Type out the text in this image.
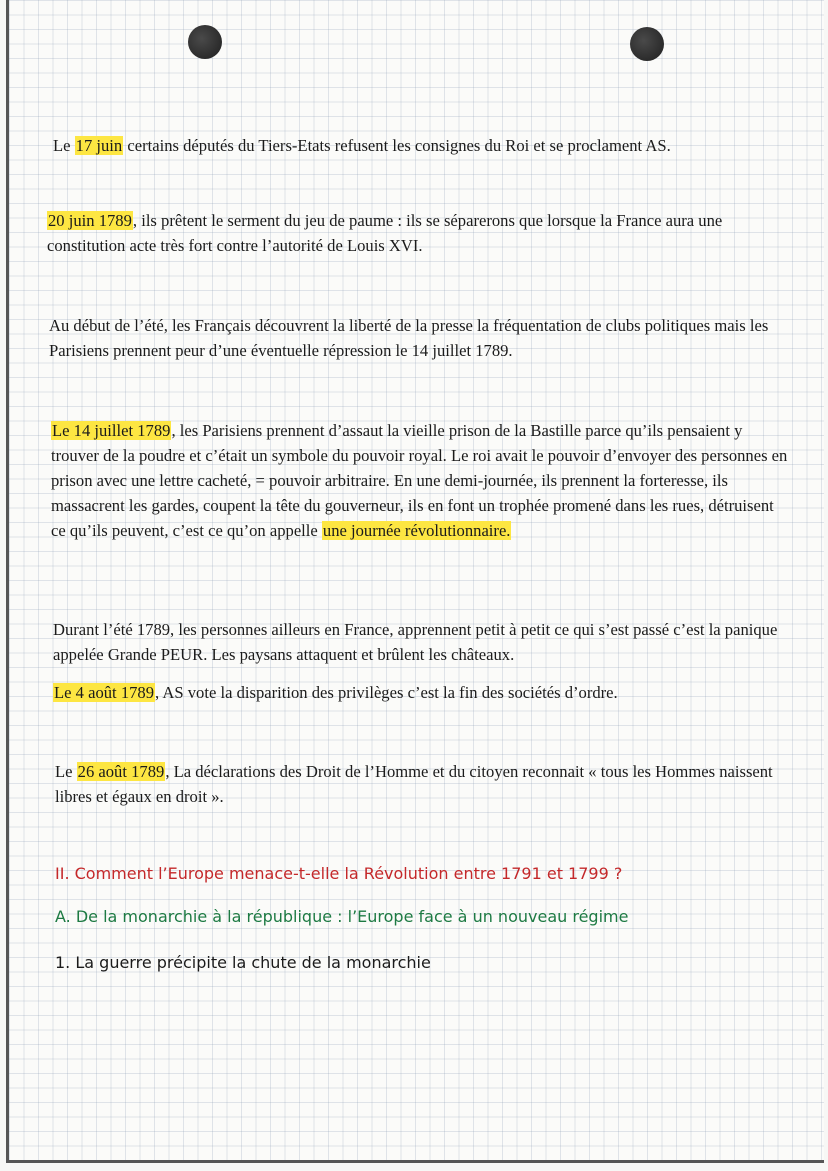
Le 17 juin certains députés du Tiers-Etats refusent les consignes du Roi et se proclament AS.

20 juin 1789, ils prêtent le serment du jeu de paume : ils se séparerons que lorsque la France aura une constitution acte très fort contre l’autorité de Louis XVI.

Au début de l’été, les Français découvrent la liberté de la presse la fréquentation de clubs politiques mais les Parisiens prennent peur d’une éventuelle répression le 14 juillet 1789.

Le 14 juillet 1789, les Parisiens prennent d’assaut la vieille prison de la Bastille parce qu’ils pensaient y trouver de la poudre et c’était un symbole du pouvoir royal. Le roi avait le pouvoir d’envoyer des personnes en prison avec une lettre cacheté, = pouvoir arbitraire. En une demi-journée, ils prennent la forteresse, ils massacrent les gardes, coupent la tête du gouverneur, ils en font un trophée promené dans les rues, détruisent ce qu’ils peuvent, c’est ce qu’on appelle une journée révolutionnaire.

Durant l’été 1789, les personnes ailleurs en France, apprennent petit à petit ce qui s’est passé c’est la panique appelée Grande PEUR. Les paysans attaquent et brûlent les châteaux.

Le 4 août 1789, AS vote la disparition des privilèges c’est la fin des sociétés d’ordre.

Le 26 août 1789, La déclarations des Droit de l’Homme et du citoyen reconnait « tous les Hommes naissent libres et égaux en droit ».

II. Comment l’Europe menace-t-elle la Révolution entre 1791 et 1799 ?

A. De la monarchie à la république : l’Europe face à un nouveau régime

1. La guerre précipite la chute de la monarchie
